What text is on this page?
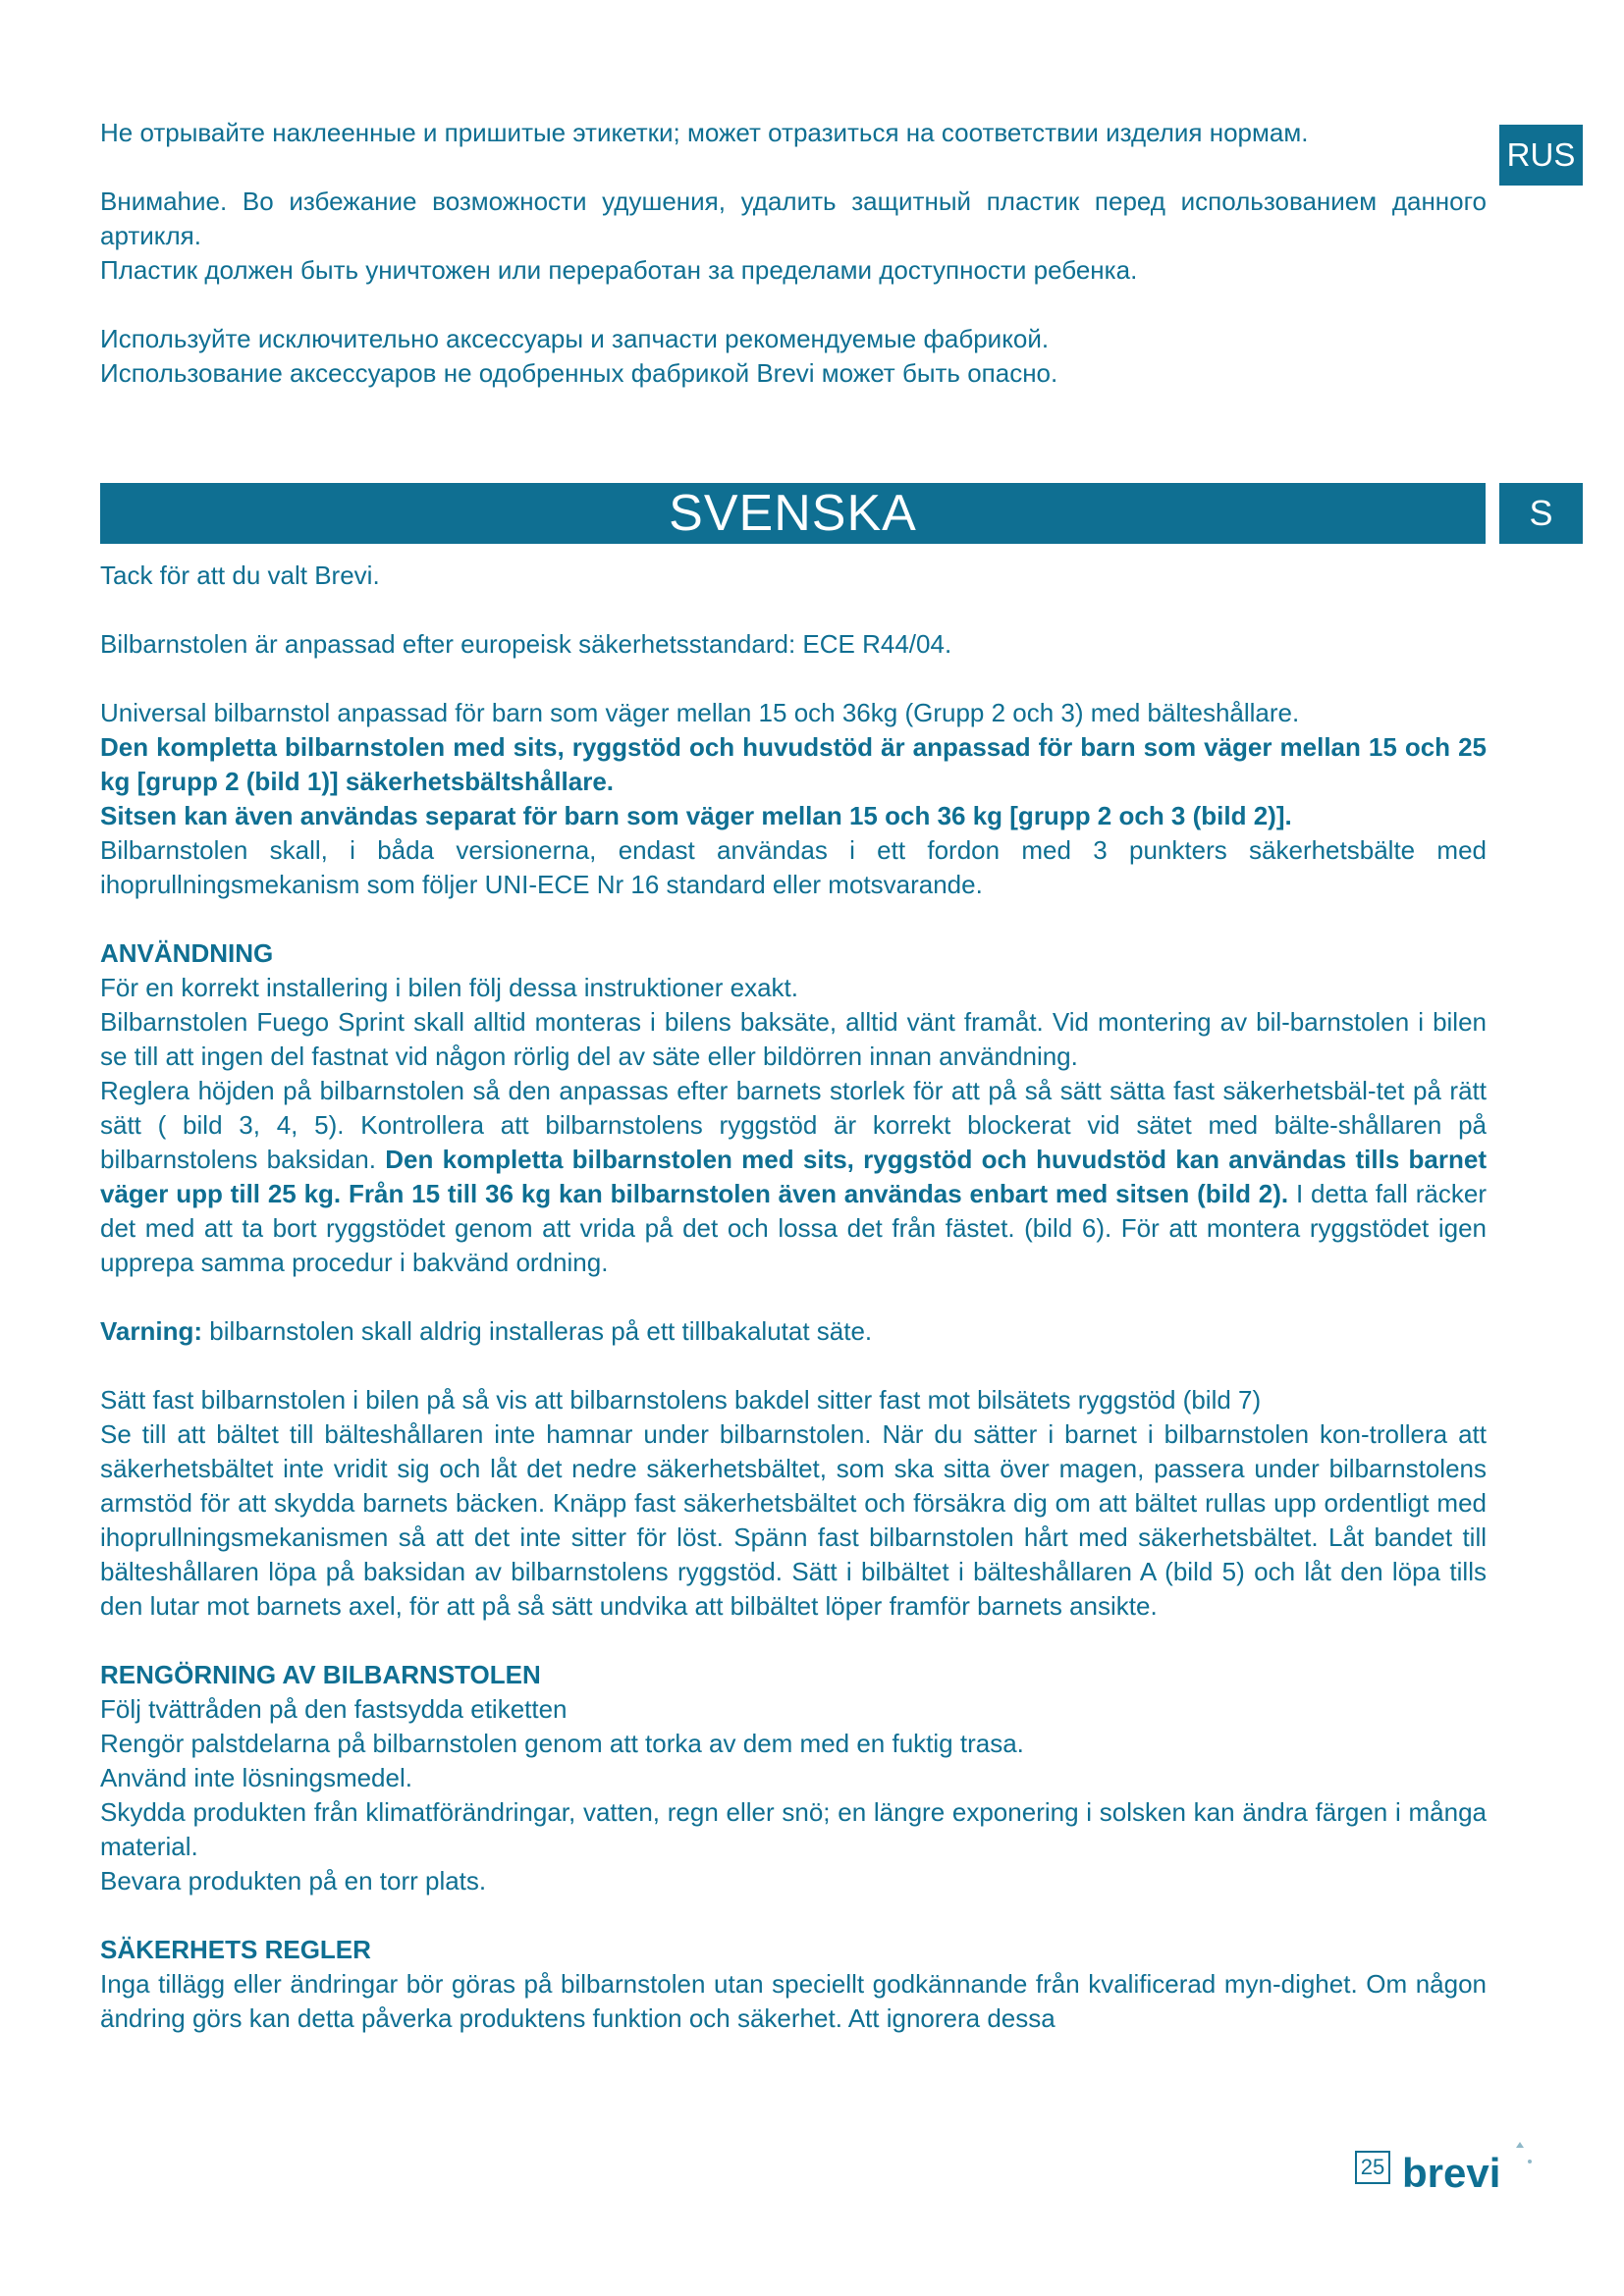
RUS
S

Не отрывайте наклеенные и пришитые этикетки; может отразиться на соответствии изделия нормам.

Bнимahие. Во избежание возможности удушения, удалить защитный пластик перед использованием данного артикля.

Пластик должен быть уничтожен или переработан за пределами доступности ребенка.

Используйте исключительно аксессуары и запчасти рекомендуемые фабрикой.

Использование аксессуаров не одобренных фабрикой Brevi может быть опасно.

SVENSKA

Tack för att du valt Brevi.

Bilbarnstolen är anpassad efter europeisk säkerhetsstandard: ECE R44/04.

Universal bilbarnstol anpassad för barn som väger mellan 15 och 36kg (Grupp 2 och 3) med bälteshållare.

Den kompletta bilbarnstolen med sits, ryggstöd och huvudstöd är anpassad för barn som väger mellan 15 och 25 kg [grupp 2 (bild 1)] säkerhetsbältshållare.

Sitsen kan även användas separat för barn som väger mellan 15 och 36 kg [grupp 2 och 3 (bild 2)].

Bilbarnstolen skall, i båda versionerna, endast användas i ett fordon med 3 punkters säkerhetsbälte med ihoprullningsmekanism som följer UNI-ECE Nr 16 standard eller motsvarande.

ANVÄNDNING

För en korrekt installering i bilen följ dessa instruktioner exakt.

Bilbarnstolen Fuego Sprint skall alltid monteras i bilens baksäte, alltid vänt framåt. Vid montering av bil-barnstolen i bilen se till att ingen del fastnat vid någon rörlig del av säte eller bildörren innan användning.

Reglera höjden på bilbarnstolen så den anpassas efter barnets storlek för att på så sätt sätta fast säkerhetsbäl-tet på rätt sätt ( bild 3, 4, 5). Kontrollera att bilbarnstolens ryggstöd är korrekt blockerat vid sätet med bälte-shållaren på bilbarnstolens baksidan. Den kompletta bilbarnstolen med sits, ryggstöd och huvudstöd kan användas tills barnet väger upp till 25 kg. Från 15 till 36 kg kan bilbarnstolen även användas enbart med sitsen (bild 2). I detta fall räcker det med att ta bort ryggstödet genom att vrida på det och lossa det från fästet. (bild 6). För att montera ryggstödet igen upprepa samma procedur i bakvänd ordning.

Varning: bilbarnstolen skall aldrig installeras på ett tillbakalutat säte.

Sätt fast bilbarnstolen i bilen på så vis att bilbarnstolens bakdel sitter fast mot bilsätets ryggstöd (bild 7)

Se till att bältet till bälteshållaren inte hamnar under bilbarnstolen. När du sätter i barnet i bilbarnstolen kon-trollera att säkerhetsbältet inte vridit sig och låt det nedre säkerhetsbältet, som ska sitta över magen, passera under bilbarnstolens armstöd för att skydda barnets bäcken. Knäpp fast säkerhetsbältet och försäkra dig om att bältet rullas upp ordentligt med ihoprullningsmekanismen så att det inte sitter för löst. Spänn fast bilbarnstolen hårt med säkerhetsbältet. Låt bandet till bälteshållaren löpa på baksidan av bilbarnstolens ryggstöd. Sätt i bilbältet i bälteshållaren A (bild 5) och låt den löpa tills den lutar mot barnets axel, för att på så sätt undvika att bilbältet löper framför barnets ansikte.

RENGÖRNING AV BILBARNSTOLEN

Följ tvättråden på den fastsydda etiketten

Rengör palstdelarna på bilbarnstolen genom att torka av dem med en fuktig trasa.

Använd inte lösningsmedel.

Skydda produkten från klimatförändringar, vatten, regn eller snö; en längre exponering i solsken kan ändra färgen i många material.

Bevara produkten på en torr plats.

SÄKERHETS REGLER

Inga tillägg eller ändringar bör göras på bilbarnstolen utan speciellt godkännande från kvalificerad myn-dighet. Om någon ändring görs kan detta påverka produktens funktion och säkerhet. Att ignorera dessa

25 brevi
